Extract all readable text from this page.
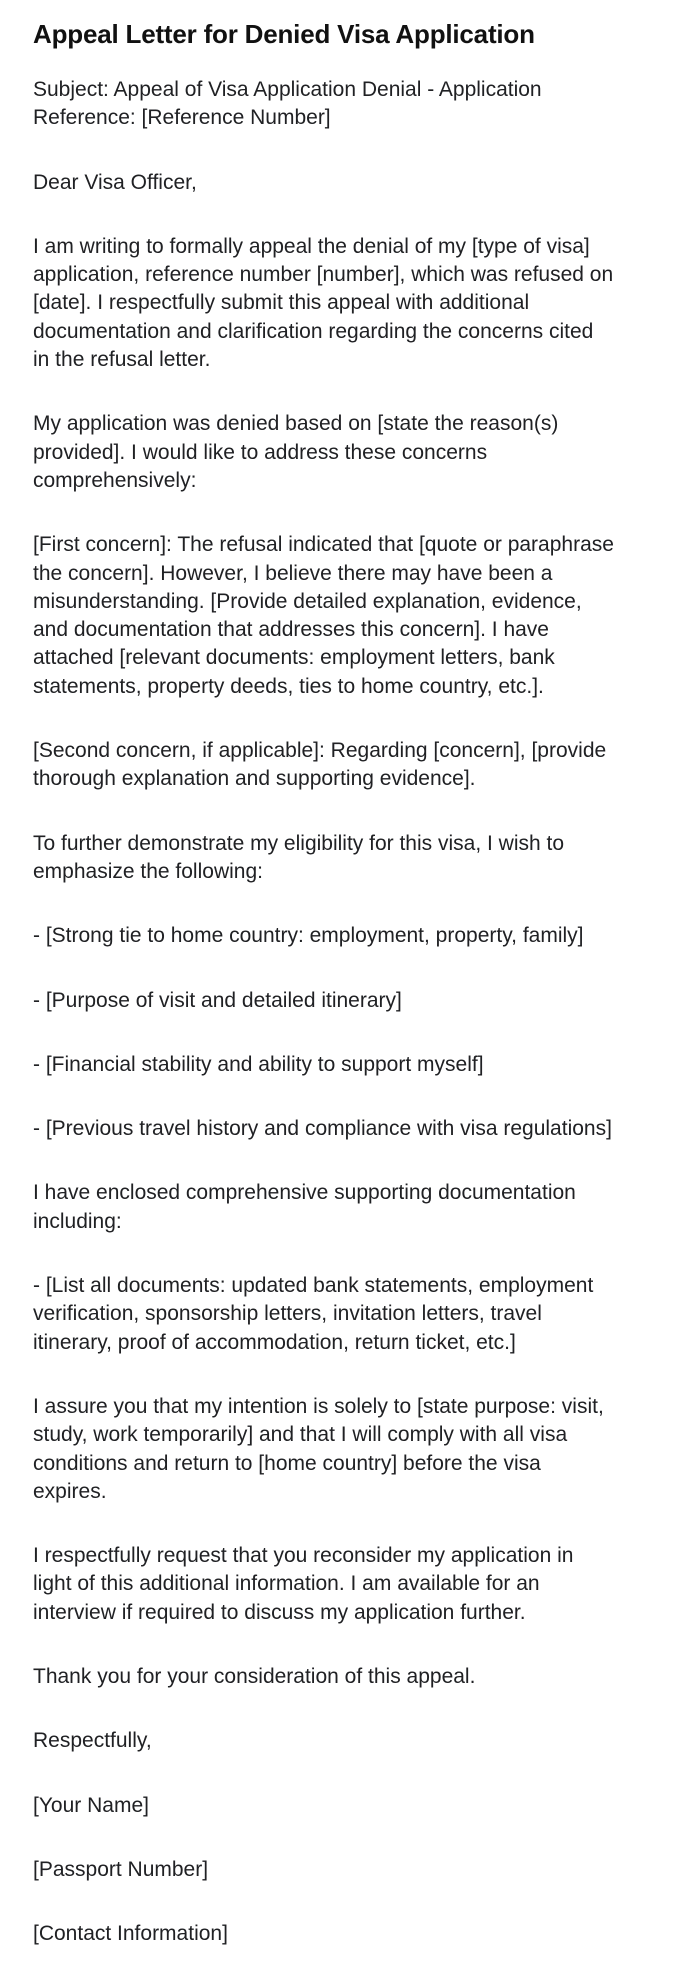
Appeal Letter for Denied Visa Application

Subject: Appeal of Visa Application Denial - Application Reference: [Reference Number]

Dear Visa Officer,

I am writing to formally appeal the denial of my [type of visa] application, reference number [number], which was refused on [date]. I respectfully submit this appeal with additional documentation and clarification regarding the concerns cited in the refusal letter.

My application was denied based on [state the reason(s) provided]. I would like to address these concerns comprehensively:

[First concern]: The refusal indicated that [quote or paraphrase the concern]. However, I believe there may have been a misunderstanding. [Provide detailed explanation, evidence, and documentation that addresses this concern]. I have attached [relevant documents: employment letters, bank statements, property deeds, ties to home country, etc.].

[Second concern, if applicable]: Regarding [concern], [provide thorough explanation and supporting evidence].

To further demonstrate my eligibility for this visa, I wish to emphasize the following:

- [Strong tie to home country: employment, property, family]

- [Purpose of visit and detailed itinerary]

- [Financial stability and ability to support myself]

- [Previous travel history and compliance with visa regulations]

I have enclosed comprehensive supporting documentation including:

- [List all documents: updated bank statements, employment verification, sponsorship letters, invitation letters, travel itinerary, proof of accommodation, return ticket, etc.]

I assure you that my intention is solely to [state purpose: visit, study, work temporarily] and that I will comply with all visa conditions and return to [home country] before the visa expires.

I respectfully request that you reconsider my application in light of this additional information. I am available for an interview if required to discuss my application further.

Thank you for your consideration of this appeal.

Respectfully,

[Your Name]

[Passport Number]

[Contact Information]
